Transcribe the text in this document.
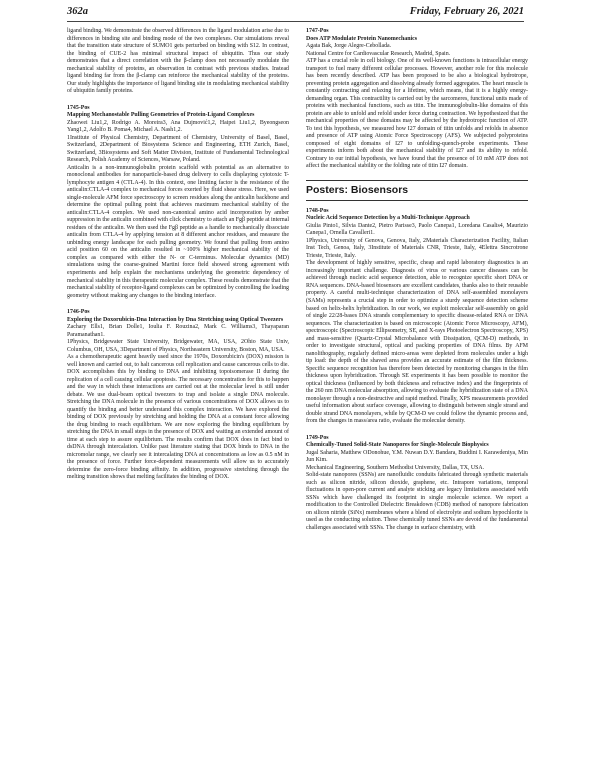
362a	Friday, February 26, 2021
ligand binding. We demonstrate the observed differences in the ligand modulation arise due to differences in binding site and binding mode of the two complexes. Our simulations reveal that the transition state structure of SUMO1 gets perturbed on binding with S12. In contrast, the binding of CUE-2 has minimal structural impact of ubiquitin. Thus our study demonstrates that a direct correlation with the β-clamp does not necessarily modulate the mechanical stability of proteins, an observation in contrast with previous studies. Instead ligand binding far from the β-clamp can reinforce the mechanical stability of the proteins. Our study highlights the importance of ligand binding site in modulating mechanical stability of ubiquitin family proteins.
1745-Pos
Mapping Mechanostable Pulling Geometries of Protein-Ligand Complexes
Zhaowei Liu1,2, Rodrigo A. Moreira3, Ana Dujmović1,2, Haipei Liu1,2, Byeongseon Yang1,2, Adolfo B. Poma4, Michael A. Nash1,2.
1Institute of Physical Chemistry, Department of Chemistry, University of Basel, Basel, Switzerland, 2Department of Biosystems Science and Engineering, ETH Zurich, Basel, Switzerland, 3Biosystems and Soft Matter Division, Institute of Fundamental Technological Research, Polish Academy of Sciences, Warsaw, Poland.
Anticalin is a non-immunoglobulin protein scaffold with potential as an alternative to monoclonal antibodies for nanoparticle-based drug delivery to cells displaying cytotoxic T-lymphocyte antigen 4 (CTLA-4). In this context, one limiting factor is the resistance of the anticalin:CTLA-4 complex to mechanical forces exerted by fluid shear stress. Here, we used single-molecule AFM force spectroscopy to screen residues along the anticalin backbone and determine the optimal pulling point that achieves maximum mechanical stability of the anticalin:CTLA-4 complex. We used non-canonical amino acid incorporation by amber suppression in the anticalin combined with click chemistry to attach an Fgβ peptide at internal residues of the anticalin. We then used the Fgβ peptide as a handle to mechanically dissociate anticalin from CTLA-4 by applying tension at 8 different anchor residues, and measure the unbinding energy landscape for each pulling geometry. We found that pulling from amino acid position 60 on the anticalin resulted in ~100% higher mechanical stability of the complex as compared with either the N- or C-terminus. Molecular dynamics (MD) simulations using the coarse-grained Martini force field showed strong agreement with experiments and help explain the mechanisms underlying the geometric dependency of mechanical stability in this therapeutic molecular complex. These results demonstrate that the mechanical stability of receptor-ligand complexes can be optimized by controlling the loading geometry without making any changes to the binding interface.
1746-Pos
Exploring the Doxorubicin-Dna Interaction by Dna Stretching using Optical Tweezers
Zachary Ells1, Brian Dolle1, Ioulia F. Rouzina2, Mark C. Williams3, Thayaparan Paramanathan1.
1Physics, Bridgewater State University, Bridgewater, MA, USA, 2Ohio State Univ, Columbus, OH, USA, 3Department of Physics, Northeastern University, Boston, MA, USA.
As a chemotherapeutic agent heavily used since the 1970s, Doxorubicin's (DOX) mission is well known and carried out, to halt cancerous cell replication and cause cancerous cells to die. DOX accomplishes this by binding to DNA and inhibiting topoisomerase II during the replication of a cell causing cellular apoptosis. The necessary concentration for this to happen and the way in which these interactions are carried out at the molecular level is still under debate. We use dual-beam optical tweezers to trap and isolate a single DNA molecule. Stretching the DNA molecule in the presence of various concentrations of DOX allows us to quantify the binding and better understand this complex interaction. We have explored the binding of DOX previously by stretching and holding the DNA at a constant force allowing the drug binding to reach equilibrium. We are now exploring the binding equilibrium by stretching the DNA in small steps in the presence of DOX and waiting an extended amount of time at each step to assure equilibrium. The results confirm that DOX does in fact bind to dsDNA through intercalation. Unlike past literature stating that DOX binds to DNA in the micromolar range, we clearly see it intercalating DNA at concentrations as low as 0.5 nM in the presence of force. Further force-dependent measurements will allow us to accurately determine the zero-force binding affinity. In addition, progressive stretching through the melting transition shows that melting facilitates the binding of DOX.
1747-Pos
Does ATP Modulate Protein Nanomechanics
Agata Bak, Jorge Alegre-Cebollada.
National Centre for Cardiovascular Research, Madrid, Spain.
ATP has a crucial role in cell biology. One of its well-known functions is intracellular energy transport to fuel many different cellular processes. However, another role for this molecule has been recently described. ATP has been proposed to be also a biological hydrotrope, preventing protein aggregation and dissolving already formed aggregates. The heart muscle is constantly contracting and relaxing for a lifetime, which means, that it is a highly energy-demanding organ. This contractility is carried out by the sarcomeres, functional units made of proteins with mechanical functions, such as titin. The immunoglobulin-like domains of this protein are able to unfold and refold under force during contraction. We hypothesized that the mechanical properties of these domains may be affected by the hydrotropic function of ATP. To test this hypothesis, we measured how I27 domain of titin unfolds and refolds in absence and presence of ATP using Atomic Force Spectroscopy (AFS). We subjected polyproteins composed of eight domains of I27 to unfolding-quench-probe experiments. These experiments inform both about the mechanical stability of I27 and its ability to refold. Contrary to our initial hypothesis, we have found that the presence of 10 mM ATP does not affect the mechanical stability or the folding rate of titin I27 domain.
Posters: Biosensors
1748-Pos
Nucleic Acid Sequence Detection by a Multi-Technique Approach
Giulia Pinto1, Silvia Dante2, Pietro Parisse3, Paolo Canepa1, Loredana Casalis4, Maurizio Canepa1, Ornella Cavalleri1.
1Physics, University of Genova, Genova, Italy, 2Materials Characterization Facility, Italian Inst Tech, Genoa, Italy, 3Institute of Materials CNR, Trieste, Italy, 4Elettra Sincrotrone Trieste, Trieste, Italy.
The development of highly sensitive, specific, cheap and rapid laboratory diagnostics is an increasingly important challenge. Diagnosis of virus or various cancer diseases can be achieved through nucleic acid sequence detection, able to recognize specific short DNA or RNA sequences. DNA-based biosensors are excellent candidates, thanks also to their reusable property. A careful multi-technique characterization of DNA self-assembled monolayers (SAMs) represents a crucial step in order to optimize a sturdy sequence detection scheme based on helix-helix hybridization. In our work, we exploit molecular self-assembly on gold of single 22/28-bases DNA strands complementary to specific disease-related RNA or DNA sequences. The characterization is based on microscopic (Atomic Force Microscopy, AFM), spectroscopic (Spectroscopic Ellipsometry, SE, and X-rays Photoelectron Spectroscopy, XPS) and mass-sensitive (Quartz-Crystal Microbalance with Dissipation, QCM-D) methods, in order to investigate structural, optical and packing properties of DNA films. By AFM nanolithography, regularly defined micro-areas were depleted from molecules under a high tip load: the depth of the shaved area provides an accurate estimate of the film thickness. Specific sequence recognition has therefore been detected by monitoring changes in the film thickness upon hybridization. Through SE experiments it has been possible to monitor the optical thickness (influenced by both thickness and refractive index) and the fingerprints of the 260 nm DNA molecular absorption, allowing to evaluate the hybridization state of a DNA monolayer through a non-destructive and rapid method. Finally, XPS measurements provided useful information about surface coverage, allowing to distinguish between single strand and double strand DNA monolayers, while by QCM-D we could follow the dynamic process and, from the changes in mass/area ratio, evaluate the molecular density.
1749-Pos
Chemically-Tuned Solid-State Nanopores for Single-Molecule Biophysics
Jugal Saharia, Matthew ODonohue, Y.M. Nuwan D.Y. Bandara, Buddini I. Karawdeniya, Min Jun Kim.
Mechanical Engineering, Southern Methodist University, Dallas, TX, USA.
Solid-state nanopores (SSNs) are nanofluidic conduits fabricated through synthetic materials such as silicon nitride, silicon dioxide, graphene, etc. Intrapore variations, temporal fluctuations in open-pore current and analyte sticking are legacy limitations associated with SSNs which have challenged its footprint in single molecule science. We report a modification to the Controlled Dielectric Breakdown (CDB) method of nanopore fabrication on silicon nitride (SiNx) membranes where a blend of electrolyte and sodium hypochlorite is used as the conducting solution. These chemically tuned SSNs are devoid of the fundamental challenges associated with SSNs. The change in surface chemistry, with
